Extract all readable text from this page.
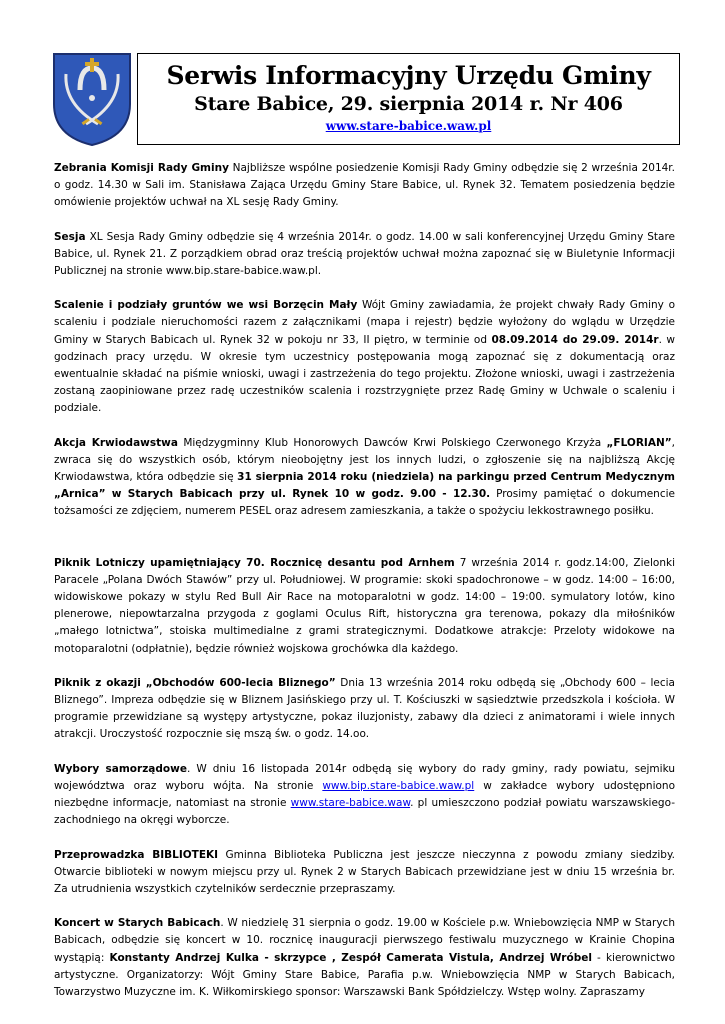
Serwis Informacyjny Urzędu Gminy
Stare Babice, 29. sierpnia 2014 r. Nr 406
www.stare-babice.waw.pl

Zebrania Komisji Rady Gminy Najbliższe wspólne posiedzenie Komisji Rady Gminy odbędzie się 2 września 2014r. o godz. 14.30 w Sali im. Stanisława Zająca Urzędu Gminy Stare Babice, ul. Rynek 32. Tematem posiedzenia będzie omówienie projektów uchwał na XL sesję Rady Gminy.

Sesja XL Sesja Rady Gminy odbędzie się 4 września 2014r. o godz. 14.00 w sali konferencyjnej Urzędu Gminy Stare Babice, ul. Rynek 21. Z porządkiem obrad oraz treścią projektów uchwał można zapoznać się w Biuletynie Informacji Publicznej na stronie www.bip.stare-babice.waw.pl.

Scalenie i podziały gruntów we wsi Borzęcin Mały Wójt Gminy zawiadamia, że projekt chwały Rady Gminy o scaleniu i podziale nieruchomości razem z załącznikami (mapa i rejestr) będzie wyłożony do wglądu w Urzędzie Gminy w Starych Babicach ul. Rynek 32 w pokoju nr 33, II piętro, w terminie od 08.09.2014 do 29.09. 2014r. w godzinach pracy urzędu. W okresie tym uczestnicy postępowania mogą zapoznać się z dokumentacją oraz ewentualnie składać na piśmie wnioski, uwagi i zastrzeżenia do tego projektu. Złożone wnioski, uwagi i zastrzeżenia zostaną zaopiniowane przez radę uczestników scalenia i rozstrzygnięte przez Radę Gminy w Uchwale o scaleniu i podziale.

Akcja Krwiodawstwa Międzygminny Klub Honorowych Dawców Krwi Polskiego Czerwonego Krzyża „FLORIAN”, zwraca się do wszystkich osób, którym nieobojętny jest los innych ludzi, o zgłoszenie się na najbliższą Akcję Krwiodawstwa, która odbędzie się 31 sierpnia 2014 roku (niedziela) na parkingu przed Centrum Medycznym „Arnica” w Starych Babicach przy ul. Rynek 10 w godz. 9.00 - 12.30. Prosimy pamiętać o dokumencie tożsamości ze zdjęciem, numerem PESEL oraz adresem zamieszkania, a także o spożyciu lekkostrawnego posiłku.

Piknik Lotniczy upamiętniający 70. Rocznicę desantu pod Arnhem 7 września 2014 r. godz.14:00, Zielonki Paracele „Polana Dwóch Stawów” przy ul. Południowej. W programie: skoki spadochronowe – w godz. 14:00 – 16:00, widowiskowe pokazy w stylu Red Bull Air Race na motoparalotni w godz. 14:00 – 19:00. symulatory lotów, kino plenerowe, niepowtarzalna przygoda z goglami Oculus Rift, historyczna gra terenowa, pokazy dla miłośników „małego lotnictwa”, stoiska multimedialne z grami strategicznymi. Dodatkowe atrakcje: Przeloty widokowe na motoparalotni (odpłatnie), będzie również wojskowa grochówka dla każdego.

Piknik z okazji „Obchodów 600-lecia Bliznego” Dnia 13 września 2014 roku odbędą się „Obchody 600 – lecia Bliznego”. Impreza odbędzie się w Bliznem Jasińskiego przy ul. T. Kościuszki w sąsiedztwie przedszkola i kościoła. W programie przewidziane są występy artystyczne, pokaz iluzjonisty, zabawy dla dzieci z animatorami i wiele innych atrakcji. Uroczystość rozpocznie się mszą św. o godz. 14.oo.

Wybory samorządowe. W dniu 16 listopada 2014r odbędą się wybory do rady gminy, rady powiatu, sejmiku województwa oraz wyboru wójta. Na stronie www.bip.stare-babice.waw.pl w zakładce wybory udostępniono niezbędne informacje, natomiast na stronie www.stare-babice.waw. pl umieszczono podział powiatu warszawskiego-zachodniego na okręgi wyborcze.

Przeprowadzka BIBLIOTEKI Gminna Biblioteka Publiczna jest jeszcze nieczynna z powodu zmiany siedziby. Otwarcie biblioteki w nowym miejscu przy ul. Rynek 2 w Starych Babicach przewidziane jest w dniu 15 września br. Za utrudnienia wszystkich czytelników serdecznie przepraszamy.

Koncert w Starych Babicach. W niedzielę 31 sierpnia o godz. 19.00 w Kościele p.w. Wniebowzięcia NMP w Starych Babicach, odbędzie się koncert w 10. rocznicę inauguracji pierwszego festiwalu muzycznego w Krainie Chopina wystąpią: Konstanty Andrzej Kulka - skrzypce , Zespół Camerata Vistula, Andrzej Wróbel - kierownictwo artystyczne. Organizatorzy: Wójt Gminy Stare Babice, Parafia p.w. Wniebowzięcia NMP w Starych Babicach, Towarzystwo Muzyczne im. K. Wiłkomirskiego sponsor: Warszawski Bank Spółdzielczy. Wstęp wolny. Zapraszamy
